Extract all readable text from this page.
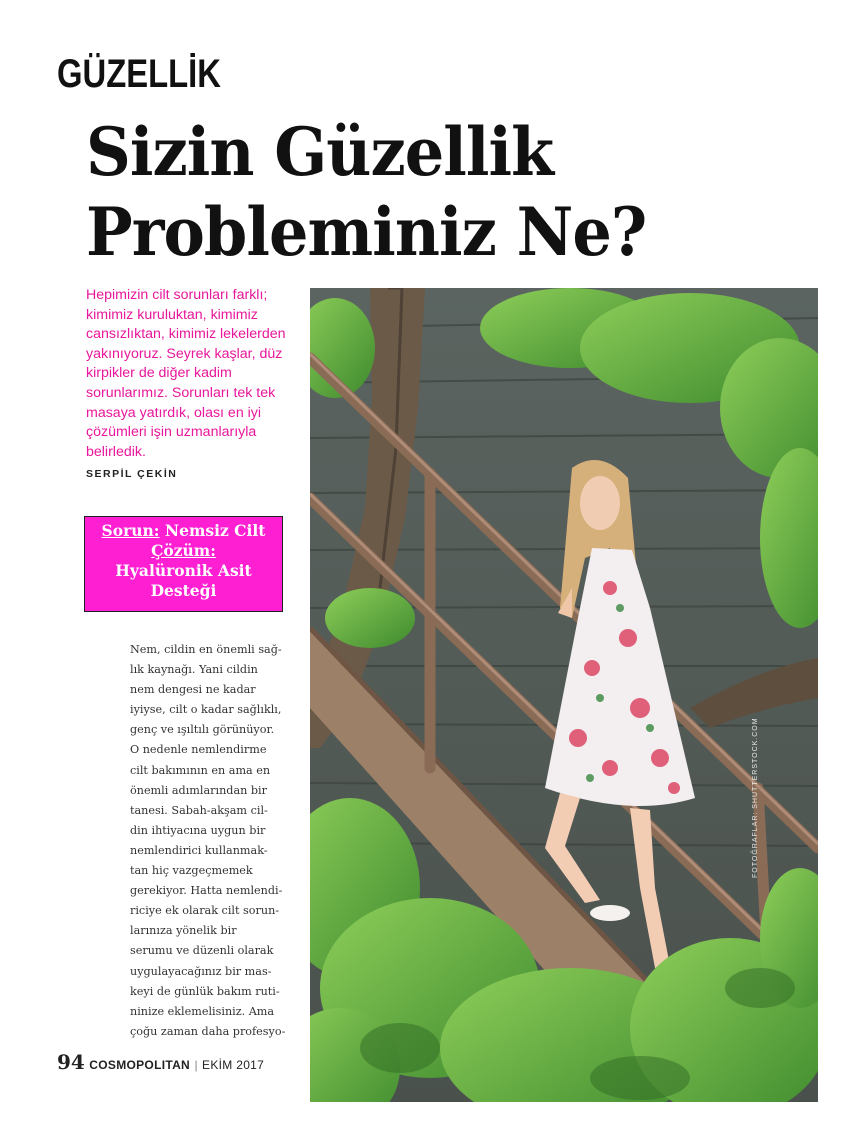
GÜZELLİK
Sizin Güzellik
Probleminiz Ne?

Hepimizin cilt sorunları farklı; kimimiz kuruluktan, kimimiz cansızlıktan, kimimiz lekelerden yakınıyoruz. Seyrek kaşlar, düz kirpikler de diğer kadim sorunlarımız. Sorunları tek tek masaya yatırdık, olası en iyi çözümleri işin uzmanlarıyla belirledik.

SERPİL ÇEKİN
Sorun: Nemsiz Cilt
Çözüm:
Hyalüronik Asit
Desteği

Nem, cildin en önemli sağ-

lık kaynağı. Yani cildin

nem dengesi ne kadar

iyiyse, cilt o kadar sağlıklı,

genç ve ışıltılı görünüyor.

O nedenle nemlendirme

cilt bakımının en ama en

önemli adımlarından bir

tanesi. Sabah-akşam cil-

din ihtiyacına uygun bir

nemlendirici kullanmak-

tan hiç vazgeçmemek

gerekiyor. Hatta nemlendi-

riciye ek olarak cilt sorun-

larınıza yönelik bir

serumu ve düzenli olarak

uygulayacağınız bir mas-

keyi de günlük bakım ruti-

ninize eklemelisiniz. Ama

çoğu zaman daha profesyo-

FOTOĞRAFLAR: SHUTTERSTOCK.COM
94 COSMOPOLITAN | EKİM 2017
